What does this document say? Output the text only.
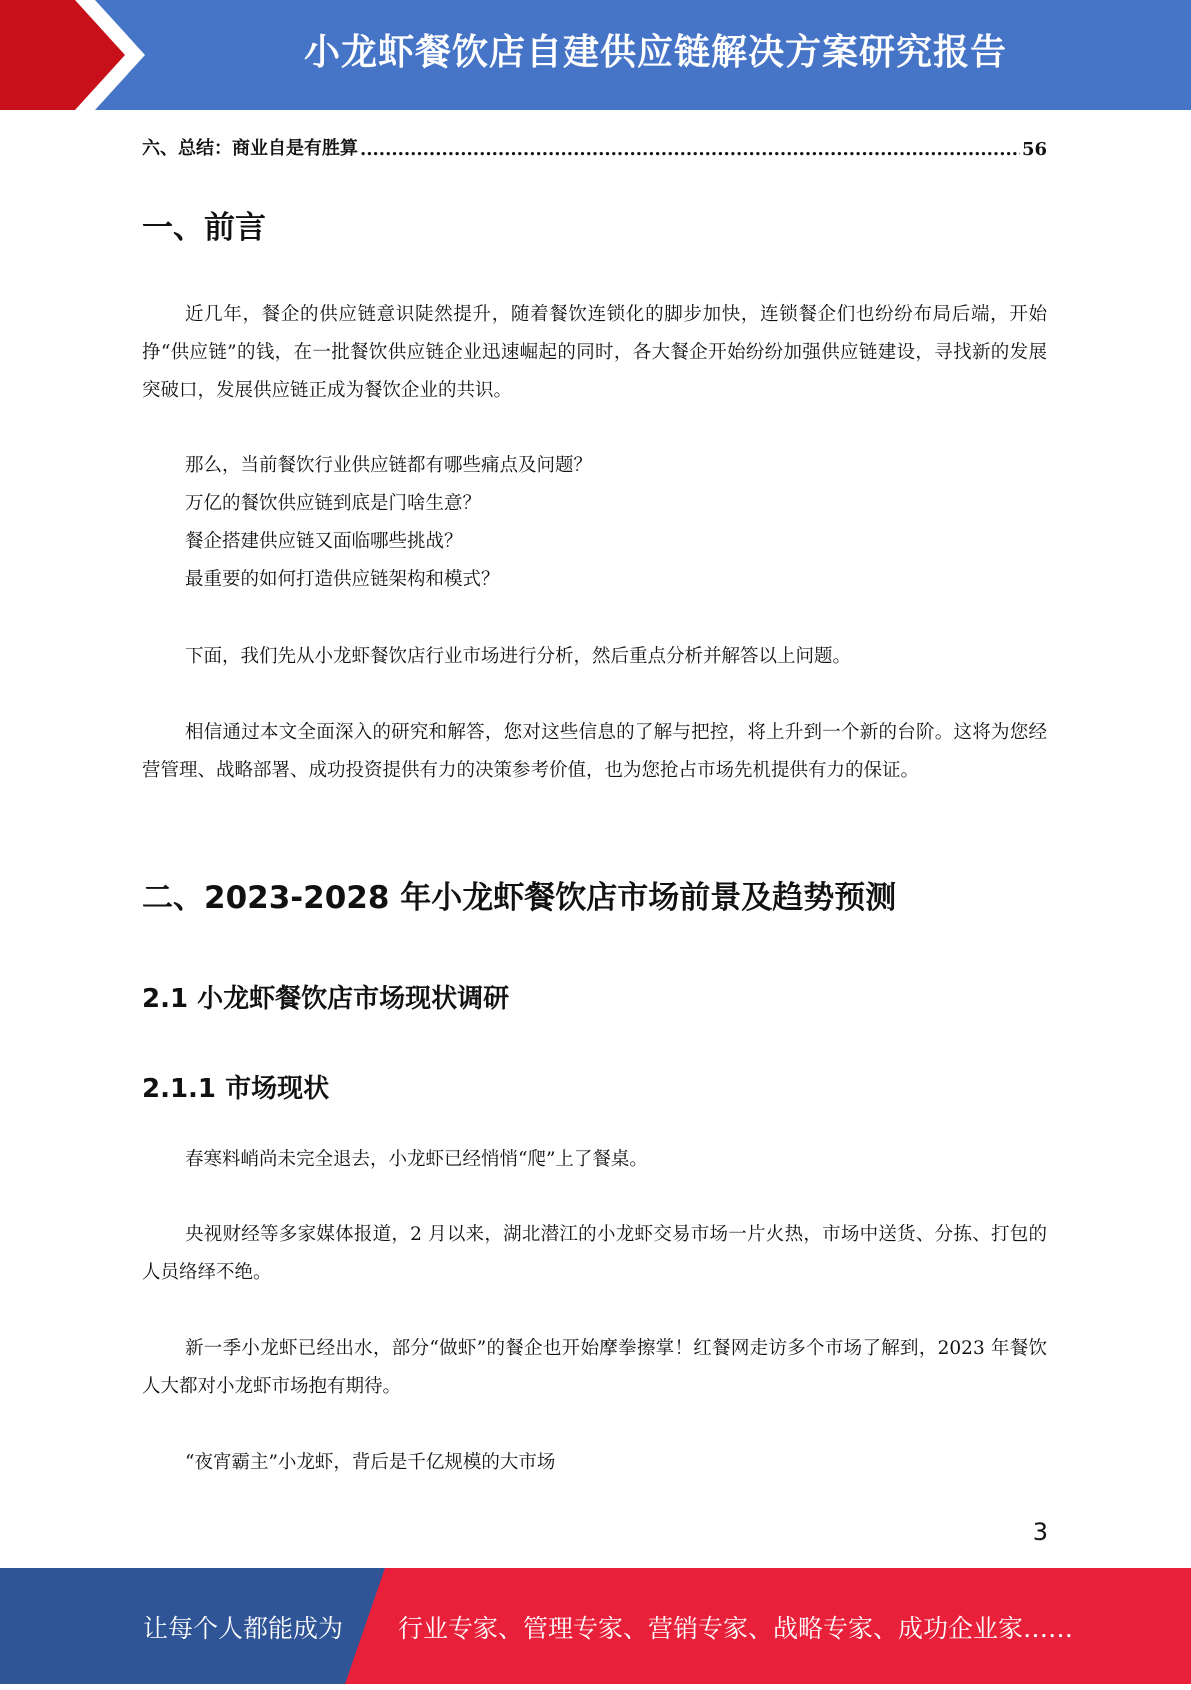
小龙虾餐饮店自建供应链解决方案研究报告
六、总结：商业自是有胜算
.....	56
一、前言

近几年，餐企的供应链意识陡然提升，随着餐饮连锁化的脚步加快，连锁餐企们也纷纷布局后端，开始挣“供应链”的钱，在一批餐饮供应链企业迅速崛起的同时，各大餐企开始纷纷加强供应链建设，寻找新的发展突破口，发展供应链正成为餐饮企业的共识。

那么，当前餐饮行业供应链都有哪些痛点及问题？

万亿的餐饮供应链到底是门啥生意？

餐企搭建供应链又面临哪些挑战？

最重要的如何打造供应链架构和模式？

下面，我们先从小龙虾餐饮店行业市场进行分析，然后重点分析并解答以上问题。

相信通过本文全面深入的研究和解答，您对这些信息的了解与把控，将上升到一个新的台阶。这将为您经营管理、战略部署、成功投资提供有力的决策参考价值，也为您抢占市场先机提供有力的保证。

二、2023-2028 年小龙虾餐饮店市场前景及趋势预测
2.1 小龙虾餐饮店市场现状调研
2.1.1 市场现状

春寒料峭尚未完全退去，小龙虾已经悄悄“爬”上了餐桌。

央视财经等多家媒体报道，2 月以来，湖北潜江的小龙虾交易市场一片火热，市场中送货、分拣、打包的人员络绎不绝。

新一季小龙虾已经出水，部分“做虾”的餐企也开始摩拳擦掌！红餐网走访多个市场了解到，2023 年餐饮人大都对小龙虾市场抱有期待。

“夜宵霸主”小龙虾，背后是千亿规模的大市场

3
让每个人都能成为 行业专家、管理专家、营销专家、战略专家、成功企业家……
